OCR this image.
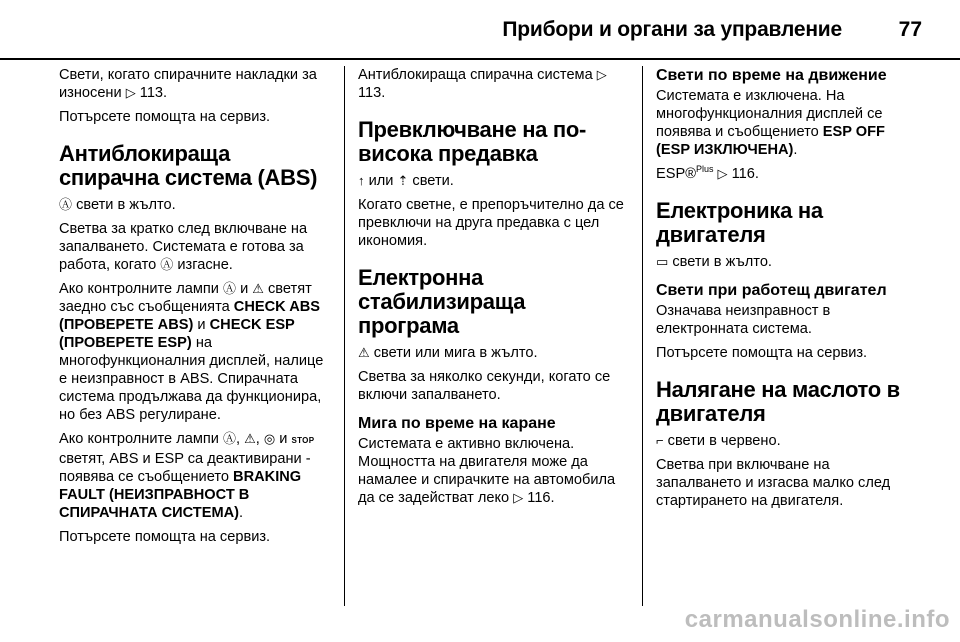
Прибори и органи за управление	77

Свети, когато спирачните накладки за износени ▷ 113.

Потърсете помощта на сервиз.

Антиблокираща спирачна система (ABS)

Ⓐ свети в жълто.

Светва за кратко след включване на запалването. Системата е готова за работа, когато Ⓐ изгасне.

Ако контролните лампи Ⓐ и ⚠ светят заедно със съобщенията CHECK ABS (ПРОВЕРЕТЕ ABS) и CHECK ESP (ПРОВЕРЕТЕ ESP) на многофункционалния дисплей, налице е неизправност в ABS. Спирачната система продължава да функционира, но без ABS регулиране.

Ако контролните лампи Ⓐ, ⚠, ◎ и STOP светят, ABS и ESP са деактивирани - появява се съобщението BRAKING FAULT (НЕИЗПРАВНОСТ В СПИРАЧНАТА СИСТЕМА).

Потърсете помощта на сервиз.

Антиблокираща спирачна система ▷ 113.

Превключване на по-висока предавка

↑ или ⇡ свети.

Когато светне, е препоръчително да се превключи на друга предавка с цел икономия.

Електронна стабилизираща програма

⚠ свети или мига в жълто.

Светва за няколко секунди, когато се включи запалването.

Мига по време на каране

Системата е активно включена. Мощността на двигателя може да намалее и спирачките на автомобила да се задействат леко ▷ 116.

Свети по време на движение

Системата е изключена. На многофункционалния дисплей се появява и съобщението ESP OFF (ESP ИЗКЛЮЧЕНА).

ESP®$^{Plus}$ ▷ 116.

Електроника на двигателя

▭ свети в жълто.

Свети при работещ двигател

Означава неизправност в електронната система.

Потърсете помощта на сервиз.

Налягане на маслото в двигателя

⌐ свети в червено.

Светва при включване на запалването и изгасва малко след стартирането на двигателя.

carmanualsonline.info
